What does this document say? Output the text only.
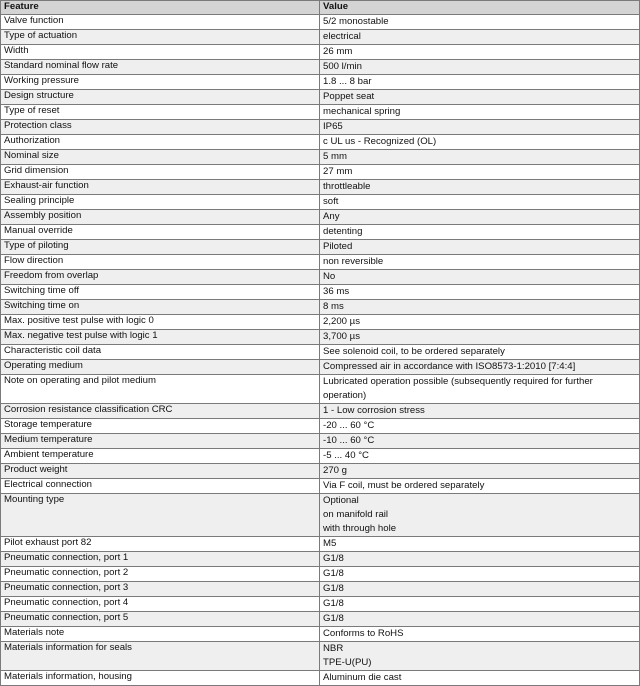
Feature	Value
Valve function	5/2 monostable

Type of actuation	electrical

Width	26 mm

Standard nominal flow rate	500 l/min

Working pressure	1.8 ... 8 bar

Design structure	Poppet seat

Type of reset	mechanical spring

Protection class	IP65

Authorization	c UL us - Recognized (OL)

Nominal size	5 mm

Grid dimension	27 mm

Exhaust-air function	throttleable

Sealing principle	soft

Assembly position	Any

Manual override	detenting

Type of piloting	Piloted

Flow direction	non reversible

Freedom from overlap	No

Switching time off	36 ms

Switching time on	8 ms

Max. positive test pulse with logic 0	2,200 µs

Max. negative test pulse with logic 1	3,700 µs

Characteristic coil data	See solenoid coil, to be ordered separately

Operating medium	Compressed air in accordance with ISO8573-1:2010 [7:4:4]

Note on operating and pilot medium	Lubricated operation possible (subsequently required for further
operation)

Corrosion resistance classification CRC	1 - Low corrosion stress

Storage temperature	-20 ... 60 °C

Medium temperature	-10 ... 60 °C

Ambient temperature	-5 ... 40 °C

Product weight	270 g

Electrical connection	Via F coil, must be ordered separately

Mounting type	Optional
on manifold rail
with through hole

Pilot exhaust port 82	M5

Pneumatic connection, port 1	G1/8

Pneumatic connection, port 2	G1/8

Pneumatic connection, port 3	G1/8

Pneumatic connection, port 4	G1/8

Pneumatic connection, port 5	G1/8

Materials note	Conforms to RoHS

Materials information for seals	NBR
TPE-U(PU)

Materials information, housing	Aluminum die cast
